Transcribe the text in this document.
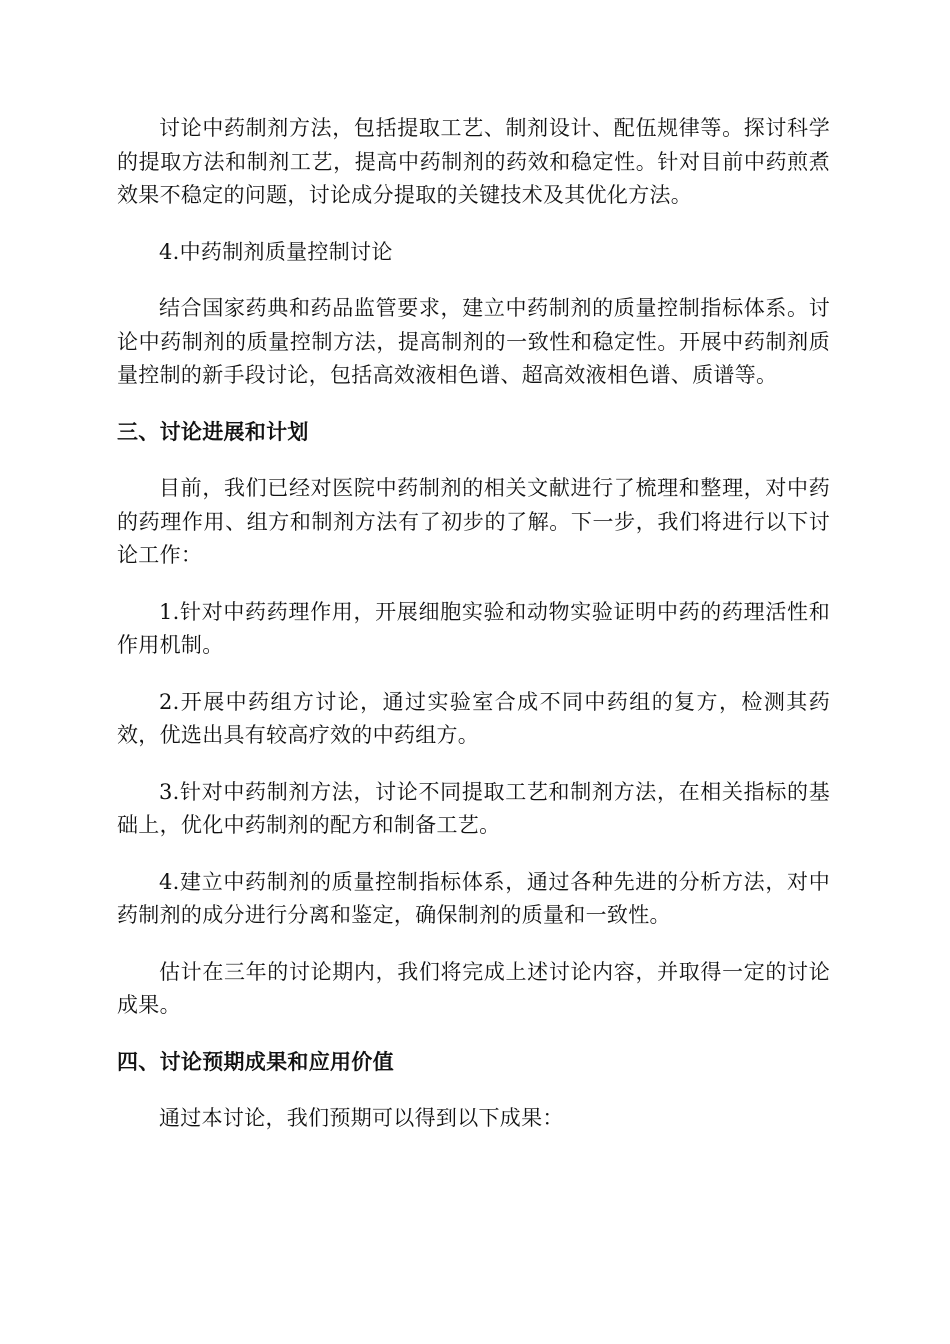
讨论中药制剂方法，包括提取工艺、制剂设计、配伍规律等。探讨科学的提取方法和制剂工艺，提高中药制剂的药效和稳定性。针对目前中药煎煮效果不稳定的问题，讨论成分提取的关键技术及其优化方法。

4.中药制剂质量控制讨论

结合国家药典和药品监管要求，建立中药制剂的质量控制指标体系。讨论中药制剂的质量控制方法，提高制剂的一致性和稳定性。开展中药制剂质量控制的新手段讨论，包括高效液相色谱、超高效液相色谱、质谱等。

三、讨论进展和计划

目前，我们已经对医院中药制剂的相关文献进行了梳理和整理，对中药的药理作用、组方和制剂方法有了初步的了解。下一步，我们将进行以下讨论工作：

1.针对中药药理作用，开展细胞实验和动物实验证明中药的药理活性和作用机制。

2.开展中药组方讨论，通过实验室合成不同中药组的复方，检测其药效，优选出具有较高疗效的中药组方。

3.针对中药制剂方法，讨论不同提取工艺和制剂方法，在相关指标的基础上，优化中药制剂的配方和制备工艺。

4.建立中药制剂的质量控制指标体系，通过各种先进的分析方法，对中药制剂的成分进行分离和鉴定，确保制剂的质量和一致性。

估计在三年的讨论期内，我们将完成上述讨论内容，并取得一定的讨论成果。

四、讨论预期成果和应用价值

通过本讨论，我们预期可以得到以下成果：
